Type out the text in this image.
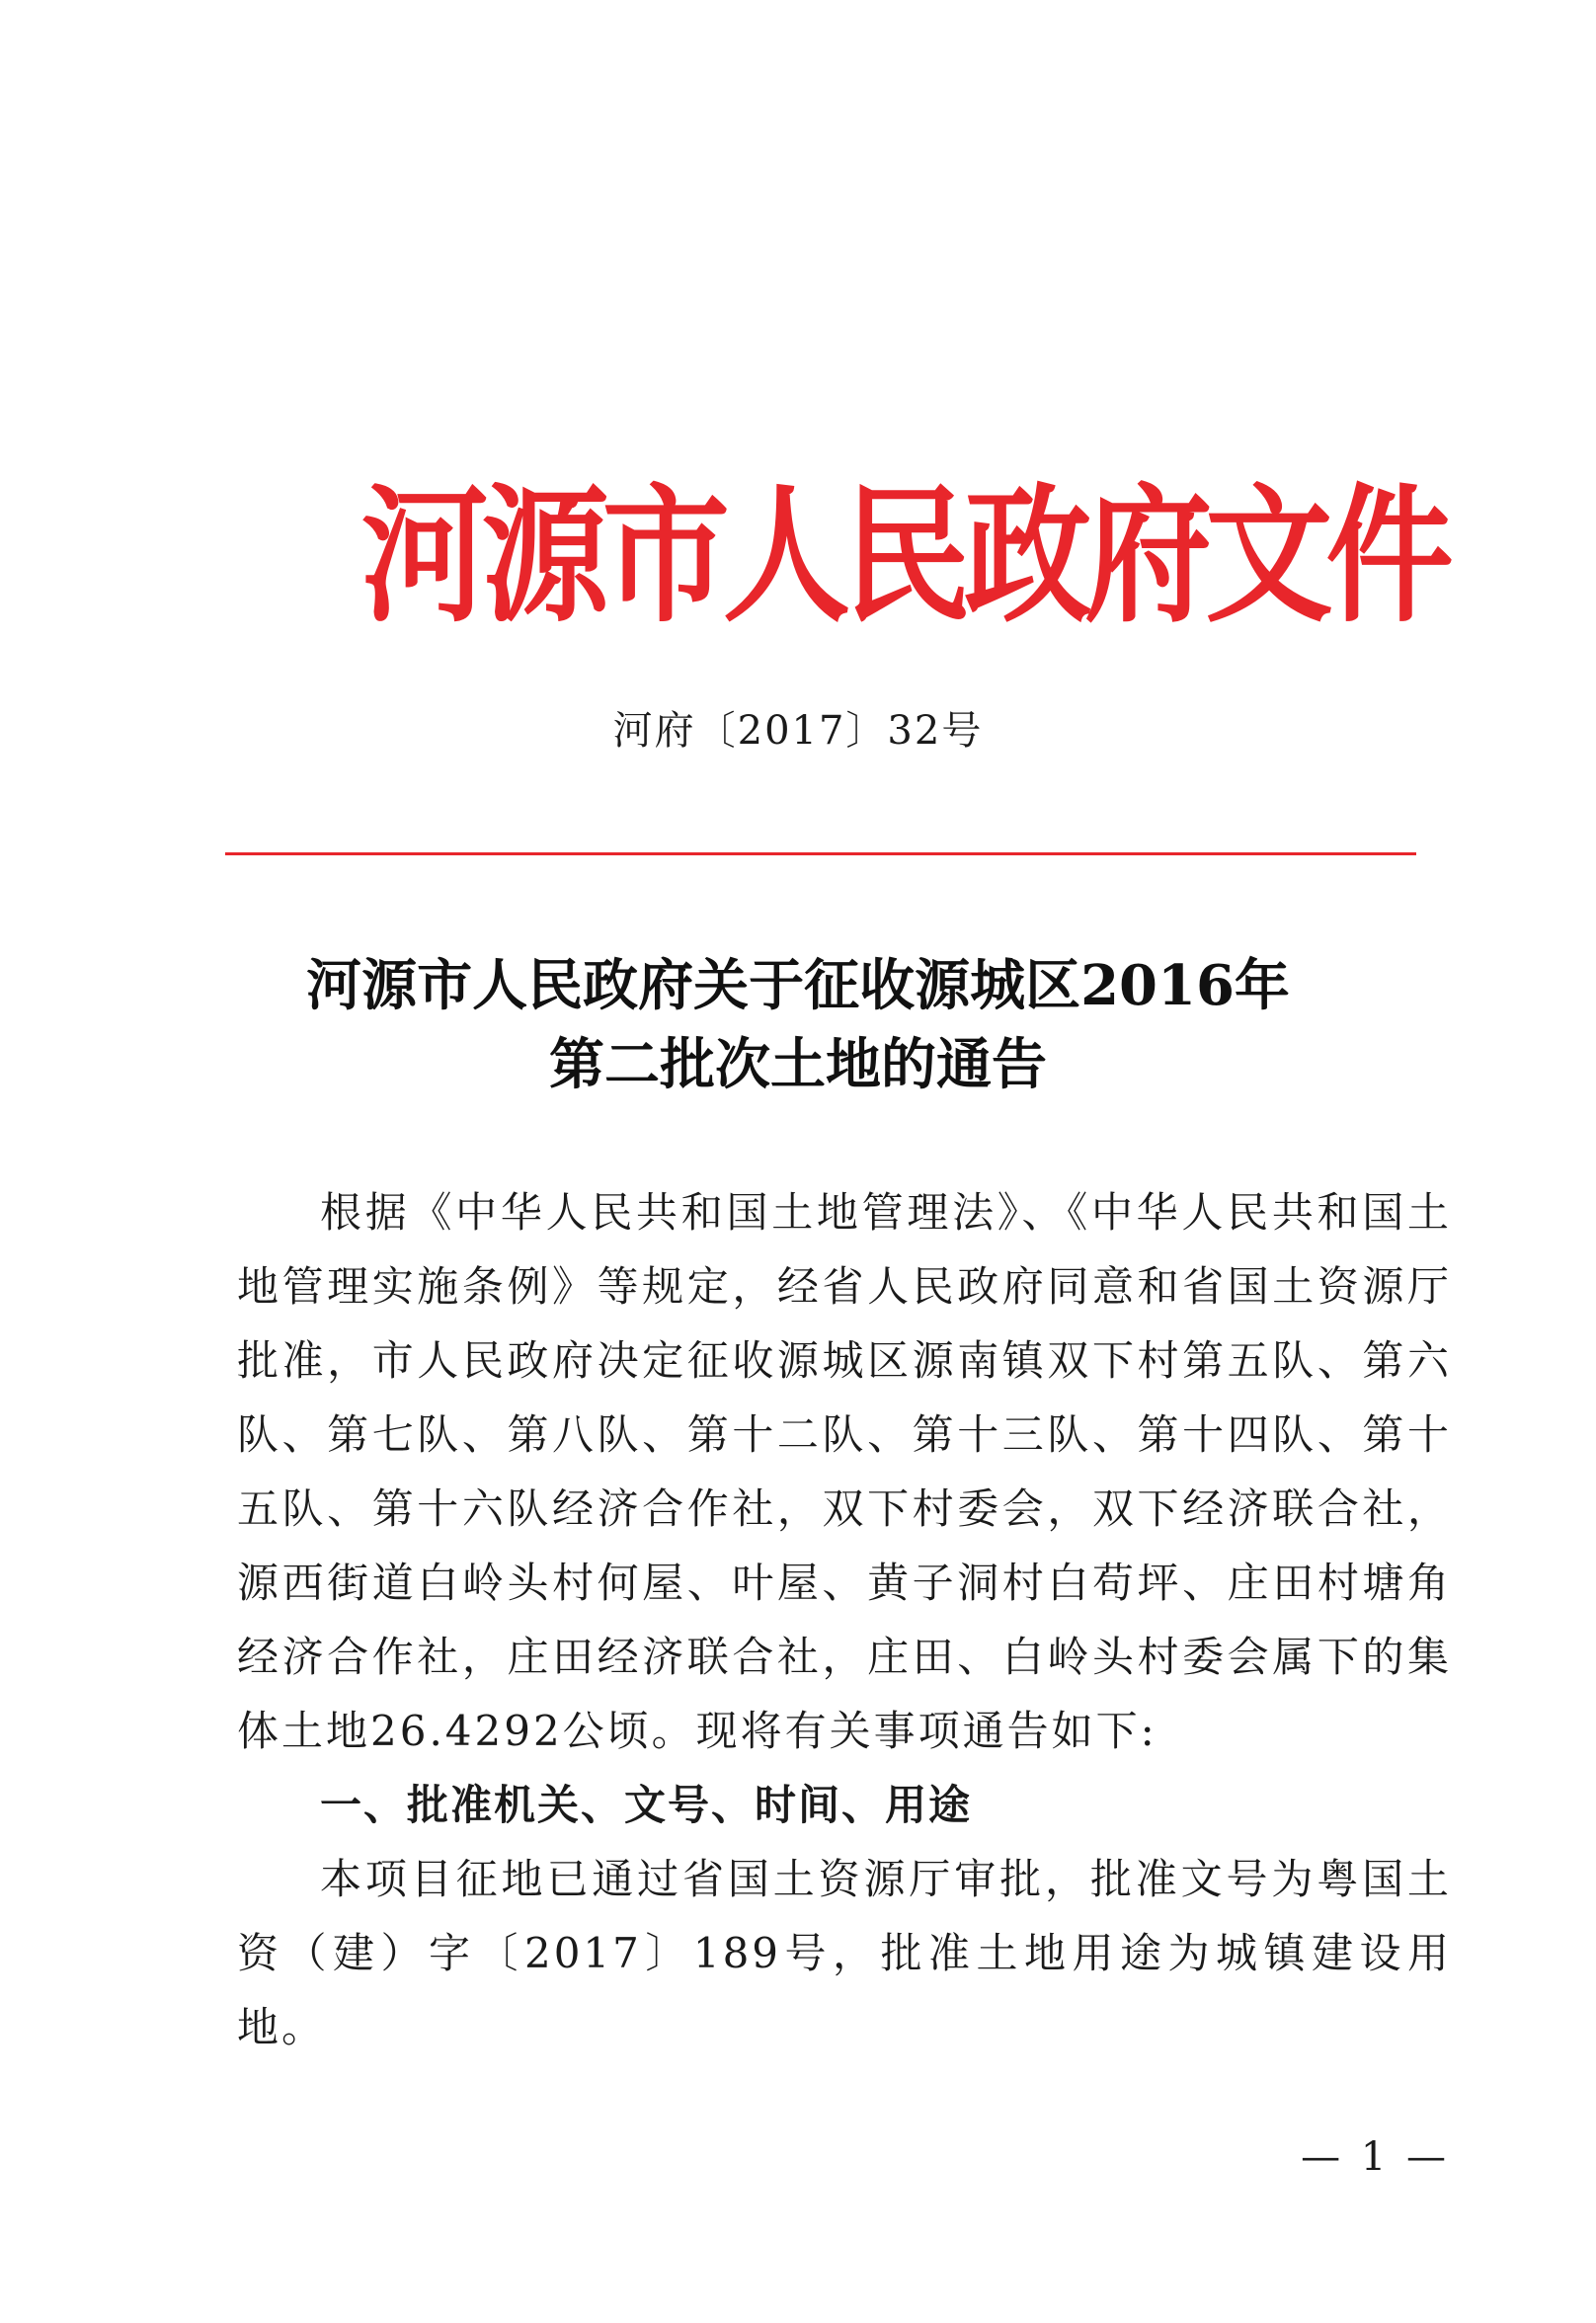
河源市人民政府文件
河府〔2017〕32号
河源市人民政府关于征收源城区2016年
第二批次土地的通告

根据《中华人民共和国土地管理法》、《中华人民共和国土地管理实施条例》等规定，经省人民政府同意和省国土资源厅批准，市人民政府决定征收源城区源南镇双下村第五队、第六队、第七队、第八队、第十二队、第十三队、第十四队、第十五队、第十六队经济合作社，双下村委会，双下经济联合社，源西街道白岭头村何屋、叶屋、黄子洞村白苟坪、庄田村塘角经济合作社，庄田经济联合社，庄田、白岭头村委会属下的集体土地26.4292公顷。现将有关事项通告如下:

一、批准机关、文号、时间、用途

本项目征地已通过省国土资源厅审批，批准文号为粤国土资（建）字〔2017〕189号，批准土地用途为城镇建设用地。

— 1 —
